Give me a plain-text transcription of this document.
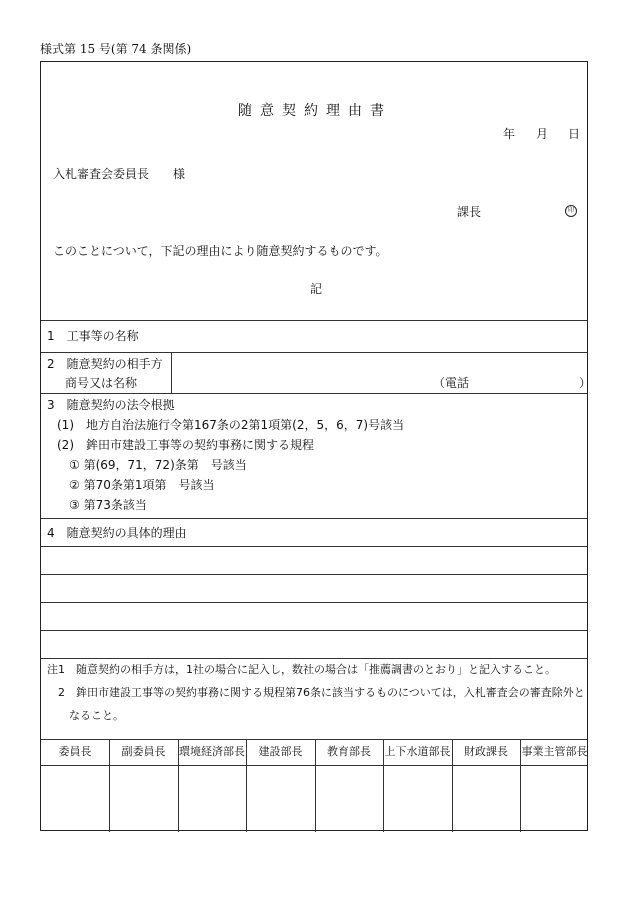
様式第 15 号(第 74 条関係)
随意契約理由書
年 月 日
入札審査会委員長　　様
課長	印
このことについて，下記の理由により随意契約するものです。
記
1　工事等の名称
2　随意契約の相手方
商号又は名称	（電話	）
3　随意契約の法令根拠
(1)　地方自治法施行令第167条の2第1項第(2，5，6，7)号該当
(2)　鉾田市建設工事等の契約事務に関する規程
① 第(69，71，72)条第　号該当
② 第70条第1項第　号該当
③ 第73条該当
4　随意契約の具体的理由
注1　随意契約の相手方は，1社の場合に記入し，数社の場合は「推薦調書のとおり」と記入すること。
2　鉾田市建設工事等の契約事務に関する規程第76条に該当するものについては，入札審査会の審査除外と
なること。
委員長	副委員長	環境経済部長	建設部長	教育部長	上下水道部長	財政課長	事業主管部長
